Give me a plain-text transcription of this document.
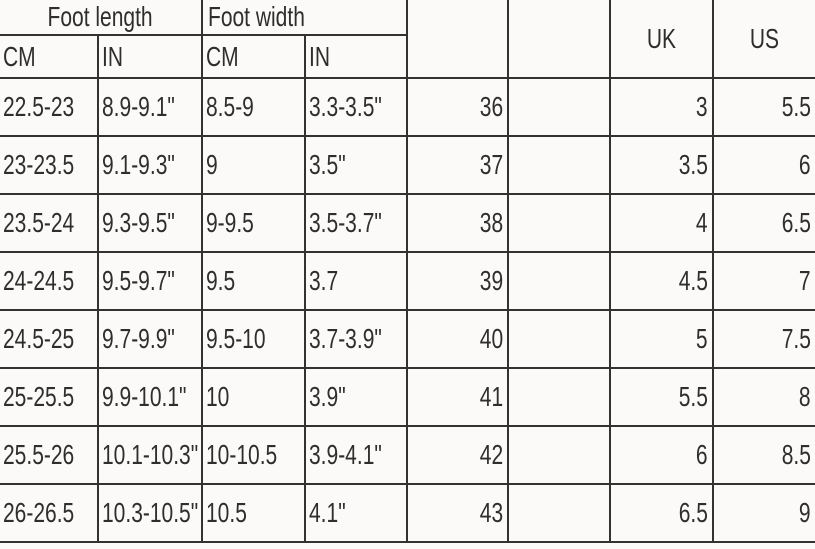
Foot length		Foot width				UK	US
CM	IN	CM	IN				
22.5-23	8.9-9.1"	8.5-9	3.3-3.5"	36		3	5.5
23-23.5	9.1-9.3"	9	3.5"	37		3.5	6
23.5-24	9.3-9.5"	9-9.5	3.5-3.7"	38		4	6.5
24-24.5	9.5-9.7"	9.5	3.7	39		4.5	7
24.5-25	9.7-9.9"	9.5-10	3.7-3.9"	40		5	7.5
25-25.5	9.9-10.1"	10	3.9"	41		5.5	8
25.5-26	10.1-10.3"	10-10.5	3.9-4.1"	42		6	8.5
26-26.5	10.3-10.5"	10.5	4.1"	43		6.5	9
